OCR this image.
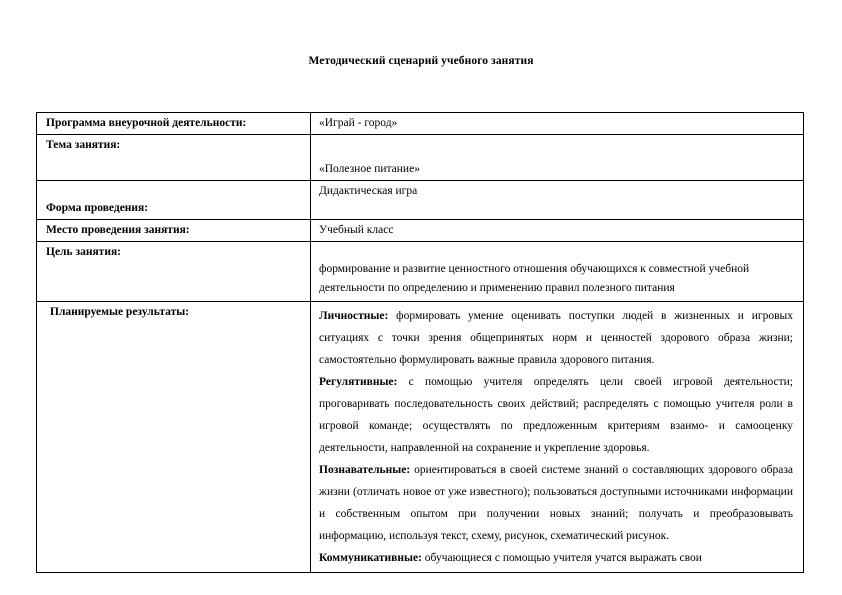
Методический сценарий учебного занятия
Программа внеурочной деятельности:	«Играй - город»

Тема занятия:	«Полезное питание»

Форма проведения:	Дидактическая игра

Место проведения занятия:	Учебный класс

Цель занятия:	формирование и развитие ценностного отношения обучающихся к совместной учебной деятельности по определению и применению правил полезного питания

Планируемые результаты:	Личностные: формировать умение оценивать поступки людей в жизненных и игровых ситуациях с точки зрения общепринятых норм и ценностей здорового образа жизни; самостоятельно формулировать важные правила здорового питания.

Регулятивные: с помощью учителя определять цели своей игровой деятельности; проговаривать последовательность своих действий; распределять с помощью учителя роли в игровой команде; осуществлять по предложенным критериям взаимо- и самооценку деятельности, направленной на сохранение и укрепление здоровья.

Познавательные: ориентироваться в своей системе знаний о составляющих здорового образа жизни (отличать новое от уже известного); пользоваться доступными источниками информации и собственным опытом при получении новых знаний; получать и преобразовывать информацию, используя текст, схему, рисунок, схематический рисунок.

Коммуникативные: обучающиеся с помощью учителя учатся выражать свои
